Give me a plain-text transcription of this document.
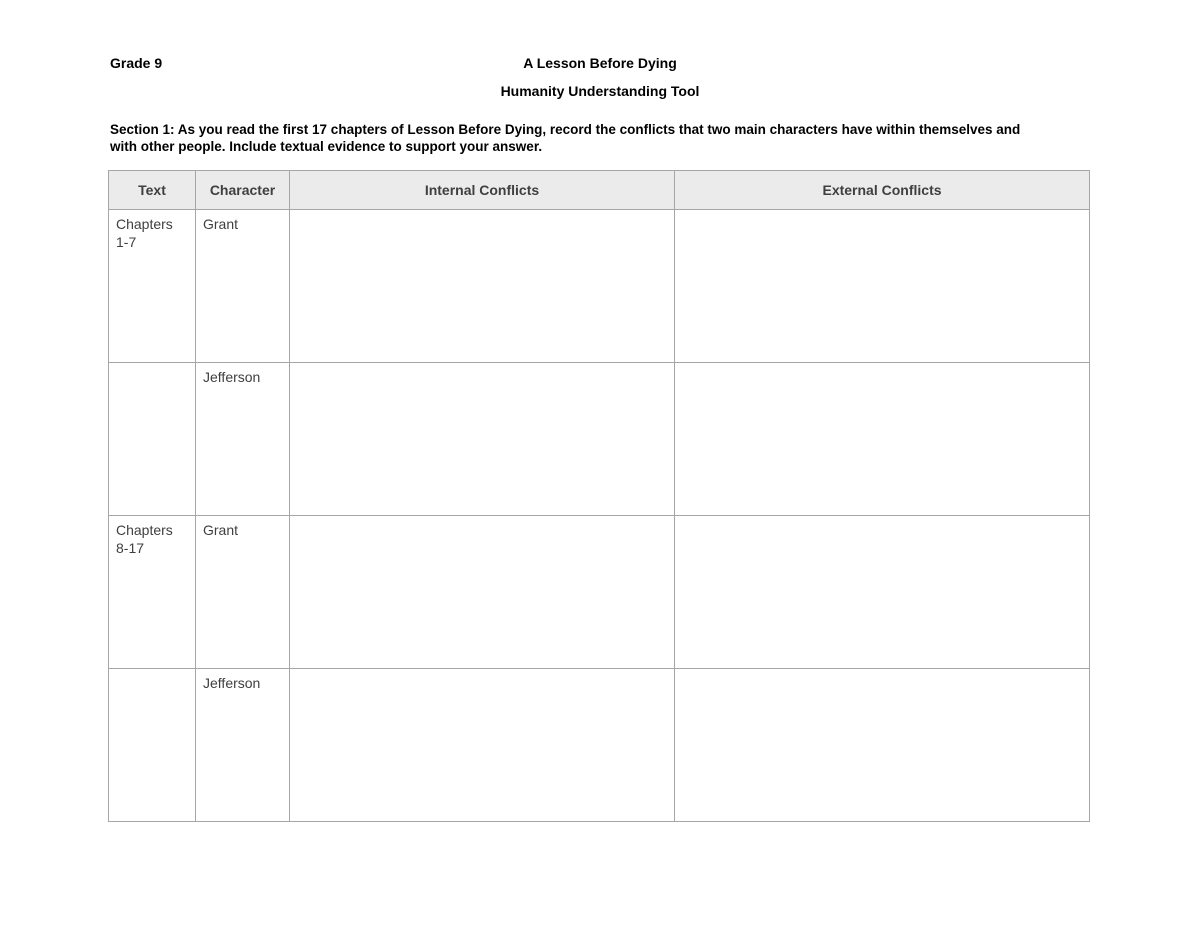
Grade 9	A Lesson Before Dying
Humanity Understanding Tool
Section 1: As you read the first 17 chapters of Lesson Before Dying, record the conflicts that two main characters have within themselves and with other people. Include textual evidence to support your answer.
Text	Character	Internal Conflicts	External Conflicts

Chapters
1-7	Grant		

	Jefferson		

Chapters
8-17	Grant		

	Jefferson		
